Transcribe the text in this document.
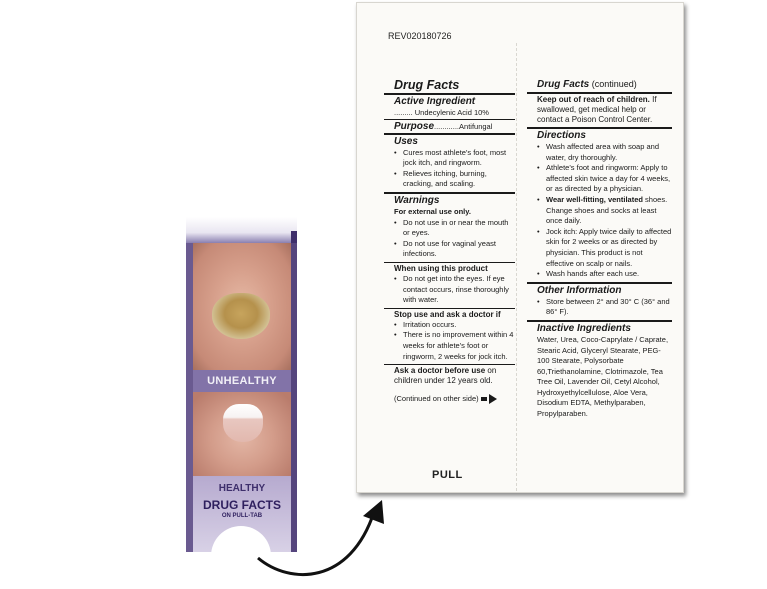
UNHEALTHY
HEALTHY
DRUG FACTS
ON PULL-TAB
REV020180726
Drug Facts
Active Ingredient
......... Undecylenic Acid 10%
Purpose ............ Antifungal
Uses
• Cures most athlete's foot, most jock itch, and ringworm.
• Relieves itching, burning, cracking, and scaling.
Warnings
For external use only.
• Do not use in or near the mouth or eyes.
• Do not use for vaginal yeast infections.
When using this product
• Do not get into the eyes. If eye contact occurs, rinse thoroughly with water.
Stop use and ask a doctor if
• Irritation occurs.
• There is no improvement within 4 weeks for athlete's foot or ringworm, 2 weeks for jock itch.
Ask a doctor before use on children under 12 years old.
(Continued on other side)
PULL
Drug Facts (continued)
Keep out of reach of children. If swallowed, get medical help or contact a Poison Control Center.
Directions
• Wash affected area with soap and water, dry thoroughly.
• Athlete's foot and ringworm: Apply to affected skin twice a day for 4 weeks, or as directed by a physician.
• Wear well-fitting, ventilated shoes. Change shoes and socks at least once daily.
• Jock itch: Apply twice daily to affected skin for 2 weeks or as directed by physician. This product is not effective on scalp or nails.
• Wash hands after each use.
Other Information
• Store between 2° and 30° C (36° and 86° F).
Inactive Ingredients
Water, Urea, Coco-Caprylate / Caprate, Stearic Acid, Glyceryl Stearate, PEG-100 Stearate, Polysorbate 60,Triethanolamine, Clotrimazole, Tea Tree Oil, Lavender Oil, Cetyl Alcohol, Hydroxyethylcellulose, Aloe Vera, Disodium EDTA, Methylparaben, Propylparaben.
